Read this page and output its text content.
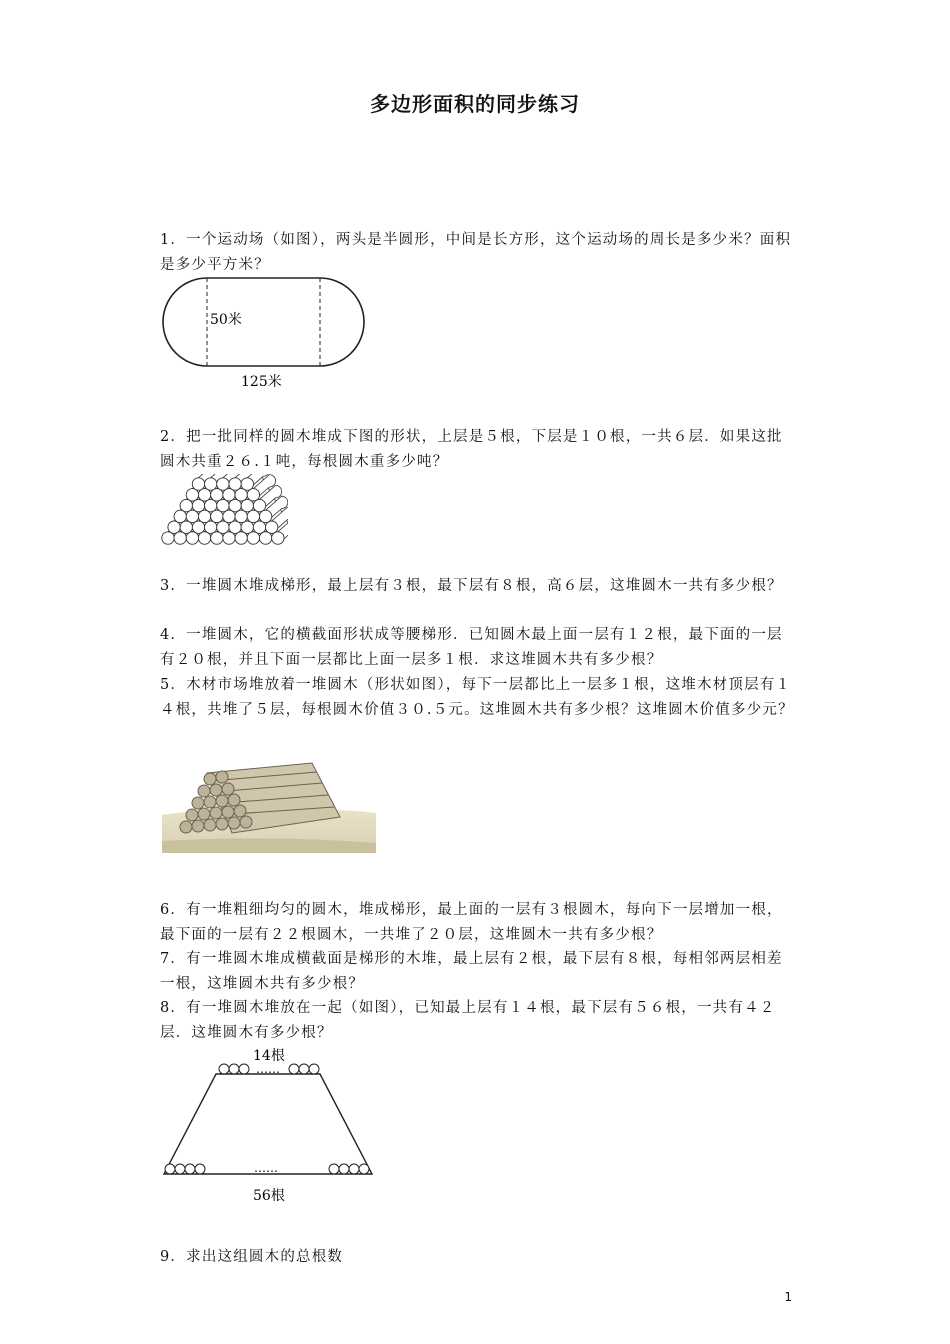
多边形面积的同步练习

1．一个运动场（如图），两头是半圆形，中间是长方形，这个运动场的周长是多少米？面积是多少平方米？

50米
125米

2．把一批同样的圆木堆成下图的形状，上层是５根，下层是１０根，一共６层．如果这批圆木共重２６.１吨，每根圆木重多少吨？

3．一堆圆木堆成梯形，最上层有３根，最下层有８根，高６层，这堆圆木一共有多少根？

4．一堆圆木，它的横截面形状成等腰梯形．已知圆木最上面一层有１２根，最下面的一层有２０根，并且下面一层都比上面一层多１根．求这堆圆木共有多少根？

5．木材市场堆放着一堆圆木（形状如图），每下一层都比上一层多１根，这堆木材顶层有１４根，共堆了５层，每根圆木价值３０.５元。这堆圆木共有多少根？这堆圆木价值多少元？

6．有一堆粗细均匀的圆木，堆成梯形，最上面的一层有３根圆木，每向下一层增加一根，最下面的一层有２２根圆木，一共堆了２０层，这堆圆木一共有多少根？

7．有一堆圆木堆成横截面是梯形的木堆，最上层有２根，最下层有８根，每相邻两层相差一根，这堆圆木共有多少根？

8．有一堆圆木堆放在一起（如图），已知最上层有１４根，最下层有５６根，一共有４２层．这堆圆木有多少根？

14根
……
……
56根

9．求出这组圆木的总根数

1
